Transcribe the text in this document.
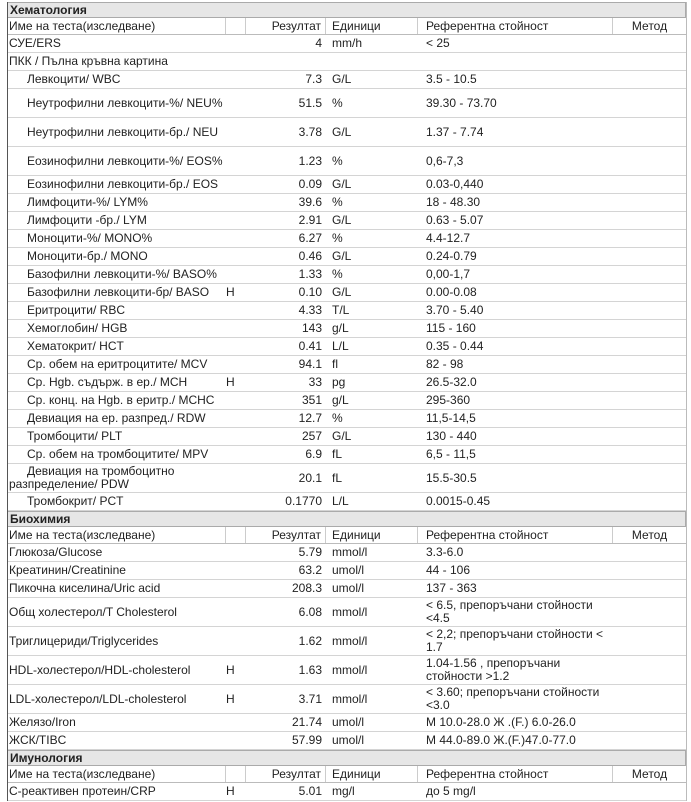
Хематология
Име на теста(изследване)	Резултат Единици	Референтна стойност	Метод
СУЕ/ERS	4 mm/h	< 25
ПКК / Пълна кръвна картина
Левкоцити/ WBC	7.3 G/L	3.5 - 10.5
Неутрофилни левкоцити-%/ NEU%	51.5 %	39.30 - 73.70
Неутрофилни левкоцити-бр./ NEU	3.78 G/L	1.37 - 7.74
Еозинофилни левкоцити-%/ EOS%	1.23 %	0,6-7,3
Еозинофилни левкоцити-бр./ EOS	0.09 G/L	0.03-0,440
Лимфоцити-%/ LYM%	39.6 %	18 - 48.30
Лимфоцити -бр./ LYM	2.91 G/L	0.63 - 5.07
Моноцити-%/ MONO%	6.27 %	4.4-12.7
Моноцити-бр./ MONO	0.46 G/L	0.24-0.79
Базофилни левкоцити-%/ BASO%	1.33 %	0,00-1,7
Базофилни левкоцити-бр/ BASO	H	0.10 G/L	0.00-0.08
Еритроцити/ RBC	4.33 T/L	3.70 - 5.40
Хемоглобин/ HGB	143 g/L	115 - 160
Хематокрит/ HCT	0.41 L/L	0.35 - 0.44
Ср. обем на еритроцитите/ MCV	94.1 fl	82 - 98
Ср. Hgb. съдърж. в ер./ MCH	H	33 pg	26.5-32.0
Ср. конц. на Hgb. в еритр./ MCHC	351 g/L	295-360
Девиация на ер. разпред./ RDW	12.7 %	11,5-14,5
Тромбоцити/ PLT	257 G/L	130 - 440
Ср. обем на тромбоцитите/ MPV	6.9 fL	6,5 - 11,5
Девиация на тромбоцитно разпределение/ PDW	20.1 fL	15.5-30.5
Тромбокрит/ PCT	0.1770 L/L	0.0015-0.45
Биохимия
Име на теста(изследване)	Резултат Единици	Референтна стойност	Метод
Глюкоза/Glucose	5.79 mmol/l	3.3-6.0
Креатинин/Creatinine	63.2 umol/l	44 - 106
Пикочна киселина/Uric acid	208.3 umol/l	137 - 363
Общ холестерол/T Cholesterol	6.08 mmol/l	< 6.5, препоръчани стойности <4.5
Триглицериди/Triglycerides	1.62 mmol/l	< 2,2; препоръчани стойности < 1.7
HDL-холестерол/HDL-cholesterol	H	1.63 mmol/l	1.04-1.56 , препоръчани стойности >1.2
LDL-холестерол/LDL-cholesterol	H	3.71 mmol/l	< 3.60; препоръчани стойности <3.0
Желязо/Iron	21.74 umol/l	М 10.0-28.0 Ж .(F.) 6.0-26.0
ЖСК/TIBC	57.99 umol/l	М 44.0-89.0 Ж.(F.)47.0-77.0
Имунология
Име на теста(изследване)	Резултат Единици	Референтна стойност	Метод
С-реактивен протеин/CRP	H	5.01 mg/l	до 5 mg/l
